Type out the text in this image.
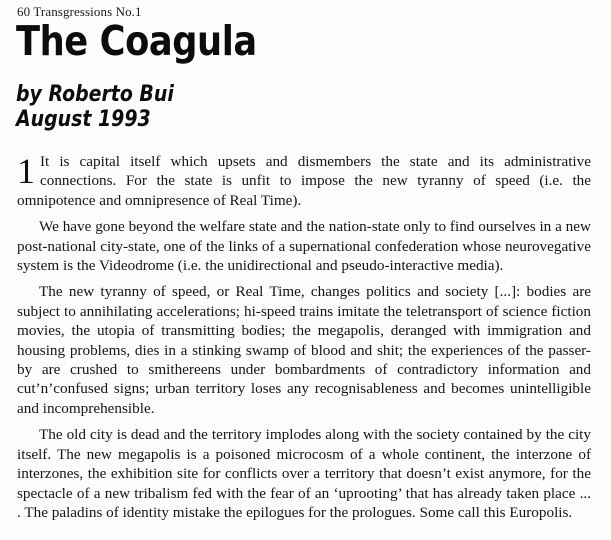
60 Transgressions No.1
The Coagula
by Roberto Bui
August 1993

1 It is capital itself which upsets and dismembers the state and its administrative connections. For the state is unfit to impose the new tyranny of speed (i.e. the omnipotence and omnipresence of Real Time).

We have gone beyond the welfare state and the nation-state only to find ourselves in a new post-national city-state, one of the links of a supernational confederation whose neurovegative system is the Videodrome (i.e. the unidirectional and pseudo-interactive media).

The new tyranny of speed, or Real Time, changes politics and society [...]: bodies are subject to annihilating accelerations; hi-speed trains imitate the teletransport of science fiction movies, the utopia of transmitting bodies; the megapolis, deranged with immigration and housing problems, dies in a stinking swamp of blood and shit; the experiences of the passer-by are crushed to smithereens under bombardments of contradictory information and cut’n’confused signs; urban territory loses any recognisableness and becomes unintelligible and incomprehensible.

The old city is dead and the territory implodes along with the society contained by the city itself. The new megapolis is a poisoned microcosm of a whole continent, the interzone of interzones, the exhibition site for conflicts over a territory that doesn’t exist anymore, for the spectacle of a new tribalism fed with the fear of an ‘uprooting’ that has already taken place ... . The paladins of identity mistake the epilogues for the prologues. Some call this Europolis.
